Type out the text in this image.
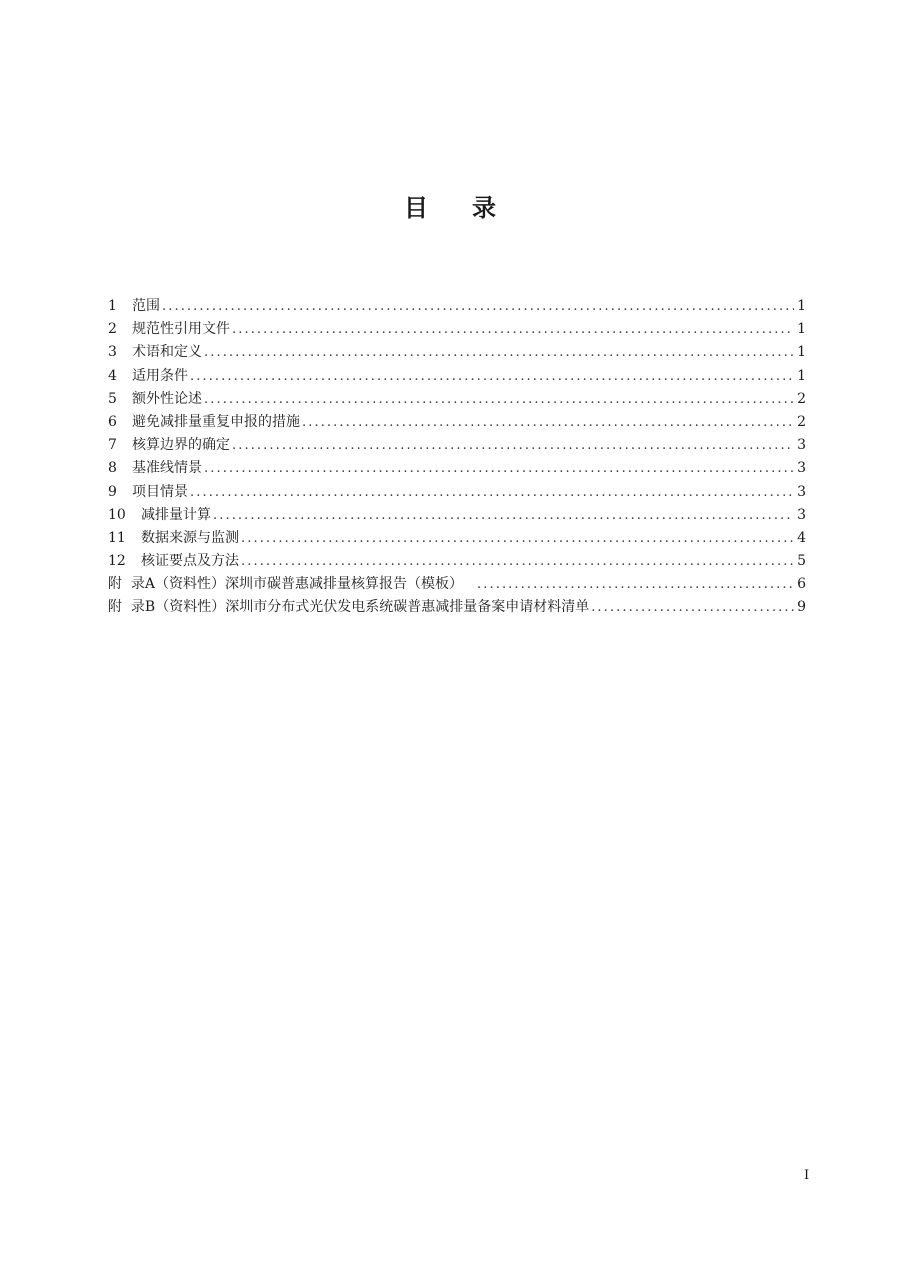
目 录
1	范围 .....	1
2	规范性引用文件 .....	1
3	术语和定义 .....	1
4	适用条件 .....	1
5	额外性论述 .....	2
6	避免减排量重复申报的措施 .....	2
7	核算边界的确定 .....	3
8	基准线情景 .....	3
9	项目情景 .....	3
10	减排量计算 .....	3
11	数据来源与监测 .....	4
12	核证要点及方法 .....	5
附  录 A（资料性）深圳市碳普惠减排量核算报告（模板） .....	6
附  录 B（资料性）深圳市分布式光伏发电系统碳普惠减排量备案申请材料清单 .....	9
I
